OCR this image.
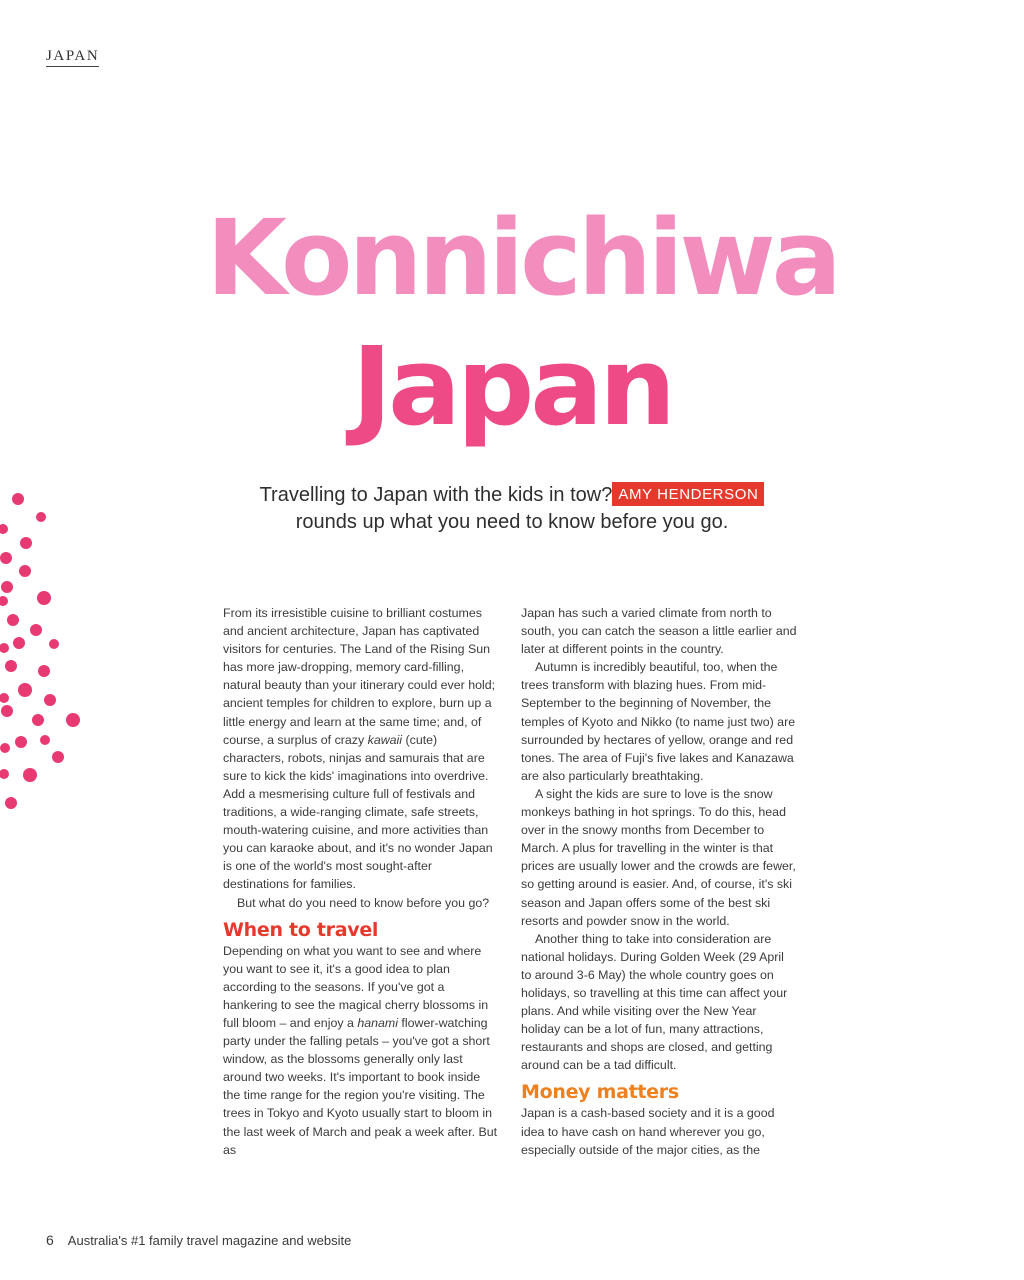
JAPAN
Konnichiwa
Japan

Travelling to Japan with the kids in tow? AMY HENDERSON
rounds up what you need to know before you go.

From its irresistible cuisine to brilliant costumes and ancient architecture, Japan has captivated visitors for centuries. The Land of the Rising Sun has more jaw-dropping, memory card-filling, natural beauty than your itinerary could ever hold; ancient temples for children to explore, burn up a little energy and learn at the same time; and, of course, a surplus of crazy kawaii (cute) characters, robots, ninjas and samurais that are sure to kick the kids' imaginations into overdrive. Add a mesmerising culture full of festivals and traditions, a wide-ranging climate, safe streets, mouth-watering cuisine, and more activities than you can karaoke about, and it's no wonder Japan is one of the world's most sought-after destinations for families.

But what do you need to know before you go?

When to travel

Depending on what you want to see and where you want to see it, it's a good idea to plan according to the seasons. If you've got a hankering to see the magical cherry blossoms in full bloom – and enjoy a hanami flower-watching party under the falling petals – you've got a short window, as the blossoms generally only last around two weeks. It's important to book inside the time range for the region you're visiting. The trees in Tokyo and Kyoto usually start to bloom in the last week of March and peak a week after. But as

Japan has such a varied climate from north to south, you can catch the season a little earlier and later at different points in the country.

Autumn is incredibly beautiful, too, when the trees transform with blazing hues. From mid-September to the beginning of November, the temples of Kyoto and Nikko (to name just two) are surrounded by hectares of yellow, orange and red tones. The area of Fuji's five lakes and Kanazawa are also particularly breathtaking.

A sight the kids are sure to love is the snow monkeys bathing in hot springs. To do this, head over in the snowy months from December to March. A plus for travelling in the winter is that prices are usually lower and the crowds are fewer, so getting around is easier. And, of course, it's ski season and Japan offers some of the best ski resorts and powder snow in the world.

Another thing to take into consideration are national holidays. During Golden Week (29 April to around 3-6 May) the whole country goes on holidays, so travelling at this time can affect your plans. And while visiting over the New Year holiday can be a lot of fun, many attractions, restaurants and shops are closed, and getting around can be a tad difficult.

Money matters

Japan is a cash-based society and it is a good idea to have cash on hand wherever you go, especially outside of the major cities, as the

6 Australia's #1 family travel magazine and website
